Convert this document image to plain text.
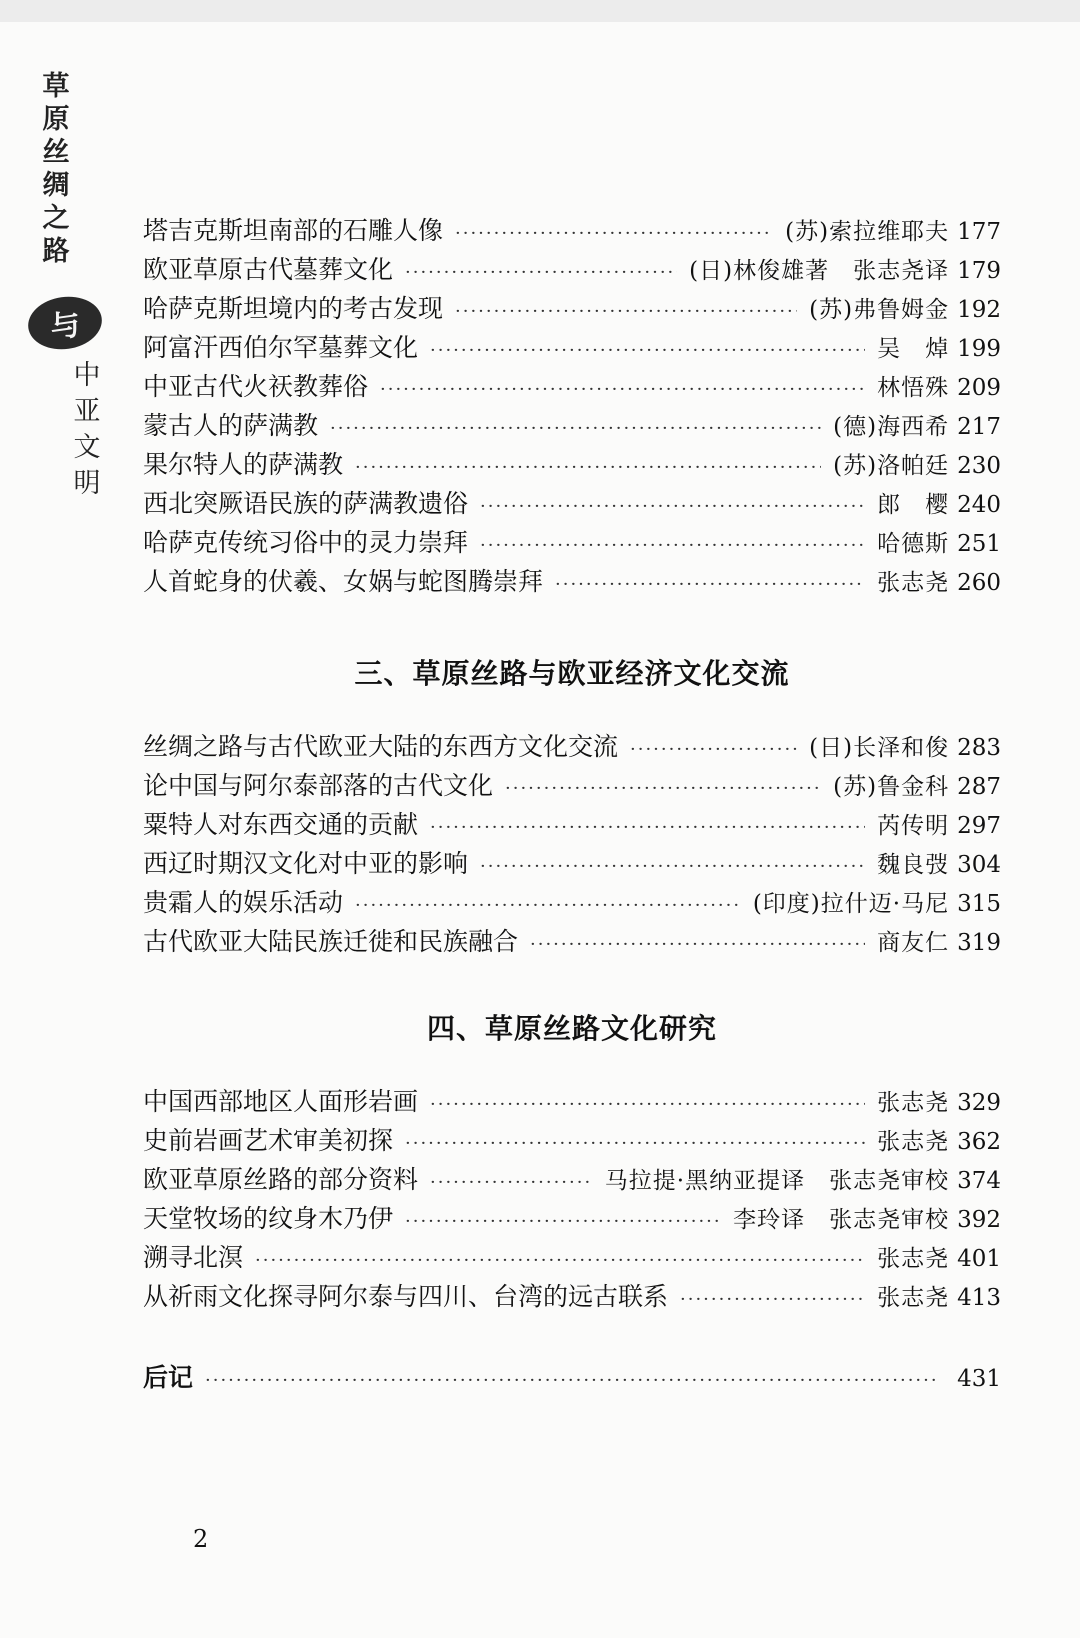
草
原
丝
绸
之
路
与
中
亚
文
明
塔吉克斯坦南部的石雕人像 ·····	(苏)索拉维耶夫 177
欧亚草原古代墓葬文化 ·····	(日)林俊雄著　张志尧译 179
哈萨克斯坦境内的考古发现 ·····	(苏)弗鲁姆金 192
阿富汗西伯尔罕墓葬文化 ·····	吴　焯 199
中亚古代火祆教葬俗 ·····	林悟殊 209
蒙古人的萨满教 ·····	(德)海西希 217
果尔特人的萨满教 ·····	(苏)洛帕廷 230
西北突厥语民族的萨满教遗俗 ·····	郎　樱 240
哈萨克传统习俗中的灵力崇拜 ·····	哈德斯 251
人首蛇身的伏羲、女娲与蛇图腾崇拜 ·····	张志尧 260
三、草原丝路与欧亚经济文化交流
丝绸之路与古代欧亚大陆的东西方文化交流 ·····	(日)长泽和俊 283
论中国与阿尔泰部落的古代文化 ·····	(苏)鲁金科 287
粟特人对东西交通的贡献 ·····	芮传明 297
西辽时期汉文化对中亚的影响 ·····	魏良弢 304
贵霜人的娱乐活动 ·····	(印度)拉什迈·马尼 315
古代欧亚大陆民族迁徙和民族融合 ·····	商友仁 319
四、草原丝路文化研究
中国西部地区人面形岩画 ·····	张志尧 329
史前岩画艺术审美初探 ·····	张志尧 362
欧亚草原丝路的部分资料 ·····	马拉提·黑纳亚提译　张志尧审校 374
天堂牧场的纹身木乃伊 ·····	李玲译　张志尧审校 392
溯寻北溟 ·····	张志尧 401
从祈雨文化探寻阿尔泰与四川、台湾的远古联系 ·····	张志尧 413
后记 ·····	431
2
